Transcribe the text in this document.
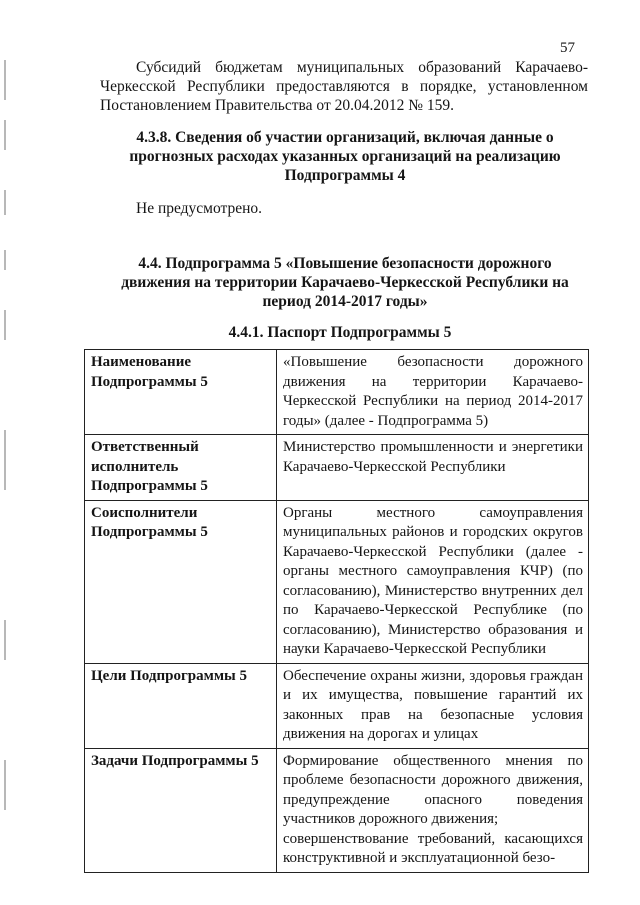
57
Субсидий бюджетам муниципальных образований Карачаево-Черкесской Республики предоставляются в порядке, установленном Постановлением Правительства от 20.04.2012 № 159.
4.3.8. Сведения об участии организаций, включая данные о прогнозных расходах указанных организаций на реализацию Подпрограммы 4
Не предусмотрено.
4.4. Подпрограмма 5 «Повышение безопасности дорожного движения на территории Карачаево-Черкесской Республики на период 2014-2017 годы»
4.4.1. Паспорт Подпрограммы 5
Наименование Подпрограммы 5	«Повышение безопасности дорожного движения на территории Карачаево-Черкесской Республики на период 2014-2017 годы» (далее - Подпрограмма 5)
Ответственный исполнитель Подпрограммы 5	Министерство промышленности и энергетики Карачаево-Черкесской Республики
Соисполнители Подпрограммы 5	Органы местного самоуправления муниципальных районов и городских округов Карачаево-Черкесской Республики (далее - органы местного самоуправления КЧР) (по согласованию), Министерство внутренних дел по Карачаево-Черкесской Республике (по согласованию), Министерство образования и науки Карачаево-Черкесской Республики
Цели Подпрограммы 5	Обеспечение охраны жизни, здоровья граждан и их имущества, повышение гарантий их законных прав на безопасные условия движения на дорогах и улицах
Задачи Подпрограммы 5	Формирование общественного мнения по проблеме безопасности дорожного движения, предупреждение опасного поведения участников дорожного движения;
совершенствование требований, касающихся конструктивной и эксплуатационной безо-
